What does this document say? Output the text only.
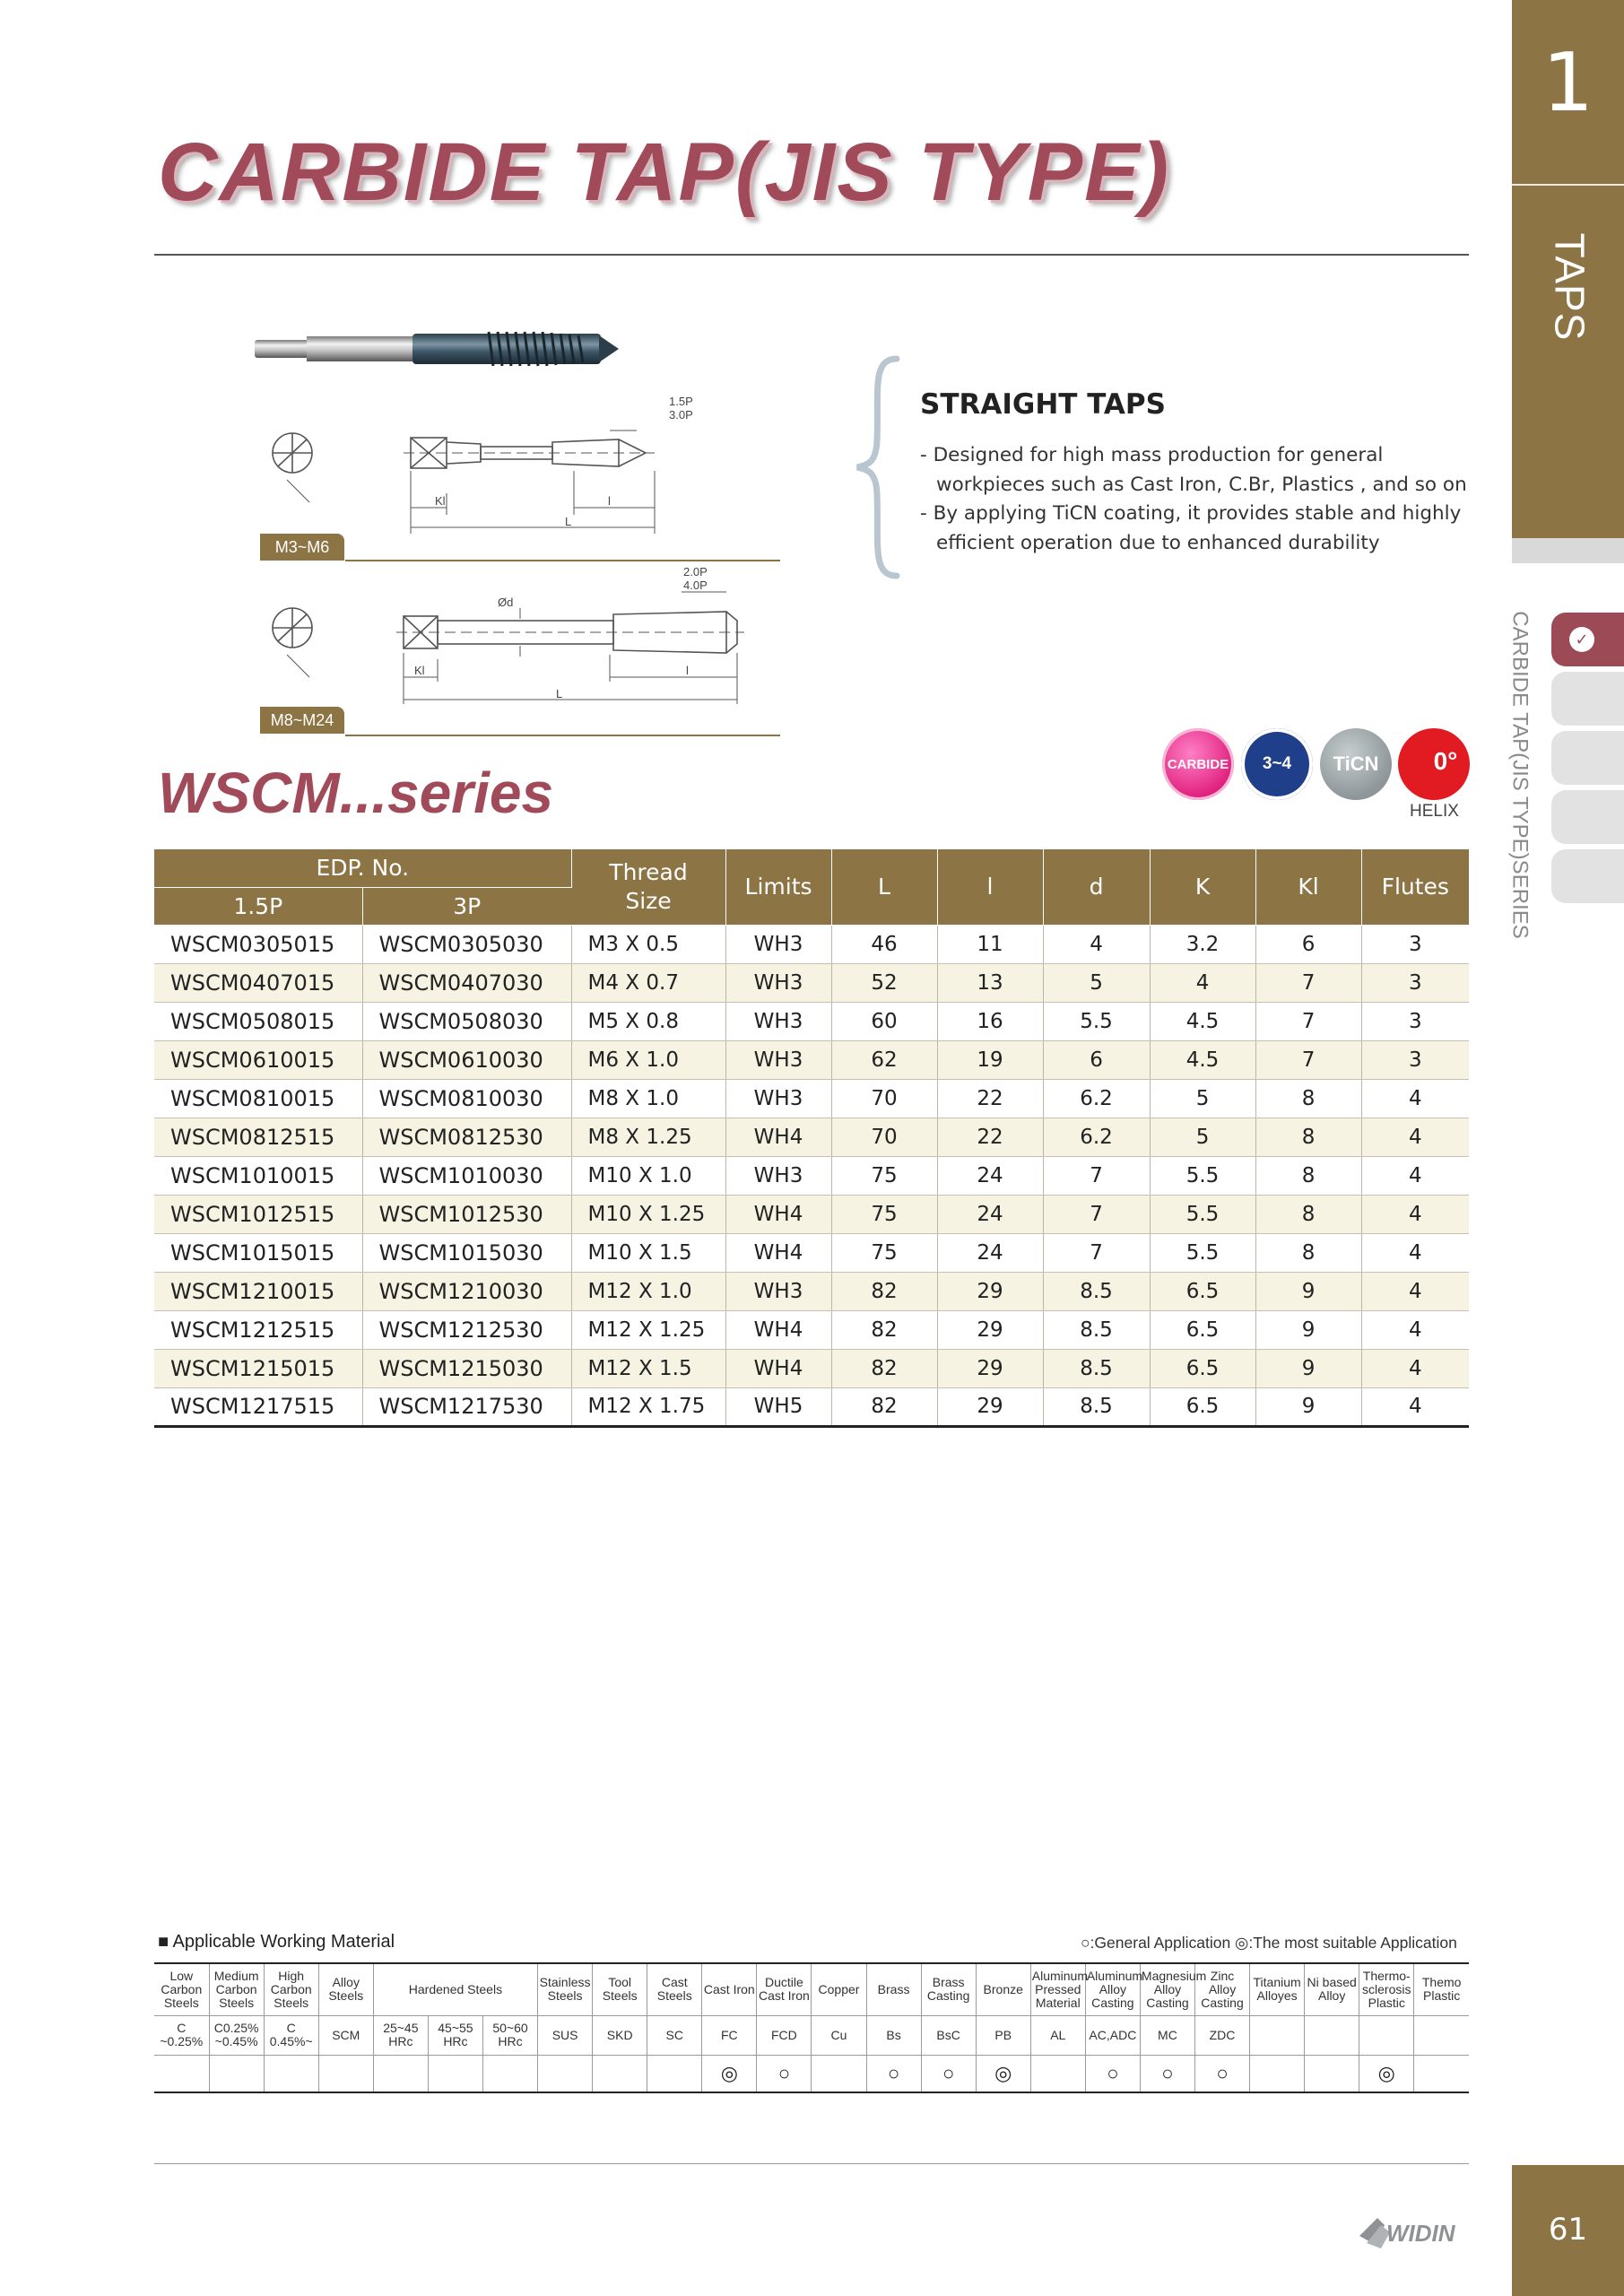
1
TAPS
CARBIDE TAP(JIS TYPE)SERIES	✓
CARBIDE TAP(JIS TYPE)
1.5P
3.0P
Kl	l
L
2.0P
4.0P
Ød
Kl	l
L
M3~M6
M8~M24
STRAIGHT TAPS
- Designed for high mass production for general
workpieces such as Cast Iron, C.Br, Plastics , and so on
- By applying TiCN coating, it provides stable and highly
efficient operation due to enhanced durability
CARBIDE 3~4 TiCN 0°
HELIX
WSCM...series
EDP. No.		Thread Size	Limits	L	l	d	K	Kl	Flutes
1.5P	3P								
WSCM0305015	WSCM0305030	M3 X 0.5	WH3	46	11	4	3.2	6	3
WSCM0407015	WSCM0407030	M4 X 0.7	WH3	52	13	5	4	7	3
WSCM0508015	WSCM0508030	M5 X 0.8	WH3	60	16	5.5	4.5	7	3
WSCM0610015	WSCM0610030	M6 X 1.0	WH3	62	19	6	4.5	7	3
WSCM0810015	WSCM0810030	M8 X 1.0	WH3	70	22	6.2	5	8	4
WSCM0812515	WSCM0812530	M8 X 1.25	WH4	70	22	6.2	5	8	4
WSCM1010015	WSCM1010030	M10 X 1.0	WH3	75	24	7	5.5	8	4
WSCM1012515	WSCM1012530	M10 X 1.25	WH4	75	24	7	5.5	8	4
WSCM1015015	WSCM1015030	M10 X 1.5	WH4	75	24	7	5.5	8	4
WSCM1210015	WSCM1210030	M12 X 1.0	WH3	82	29	8.5	6.5	9	4
WSCM1212515	WSCM1212530	M12 X 1.25	WH4	82	29	8.5	6.5	9	4
WSCM1215015	WSCM1215030	M12 X 1.5	WH4	82	29	8.5	6.5	9	4
WSCM1217515	WSCM1217530	M12 X 1.75	WH5	82	29	8.5	6.5	9	4
■ Applicable Working Material	○:General Application ◎:The most suitable Application
Low Carbon Steels	Medium Carbon Steels	High Carbon Steels	Alloy Steels	Hardened Steels			Stainless Steels	Tool Steels	Cast Steels	Cast Iron	Ductile Cast Iron	Copper	Brass	Brass Casting	Bronze	Aluminum Pressed Material	Aluminum Alloy Casting	Magnesium Alloy Casting	Zinc Alloy Casting	Titanium Alloyes	Ni based Alloy	Thermo-sclerosis Plastic	Themo Plastic
C ~0.25%	C0.25% ~0.45%	C 0.45%~	SCM	25~45 HRc	45~55 HRc	50~60 HRc	SUS	SKD	SC	FC	FCD	Cu	Bs	BsC	PB	AL	AC,ADC	MC	ZDC				
										◎	○		○	○	◎		○	○	○			◎	
WIDIN	61
